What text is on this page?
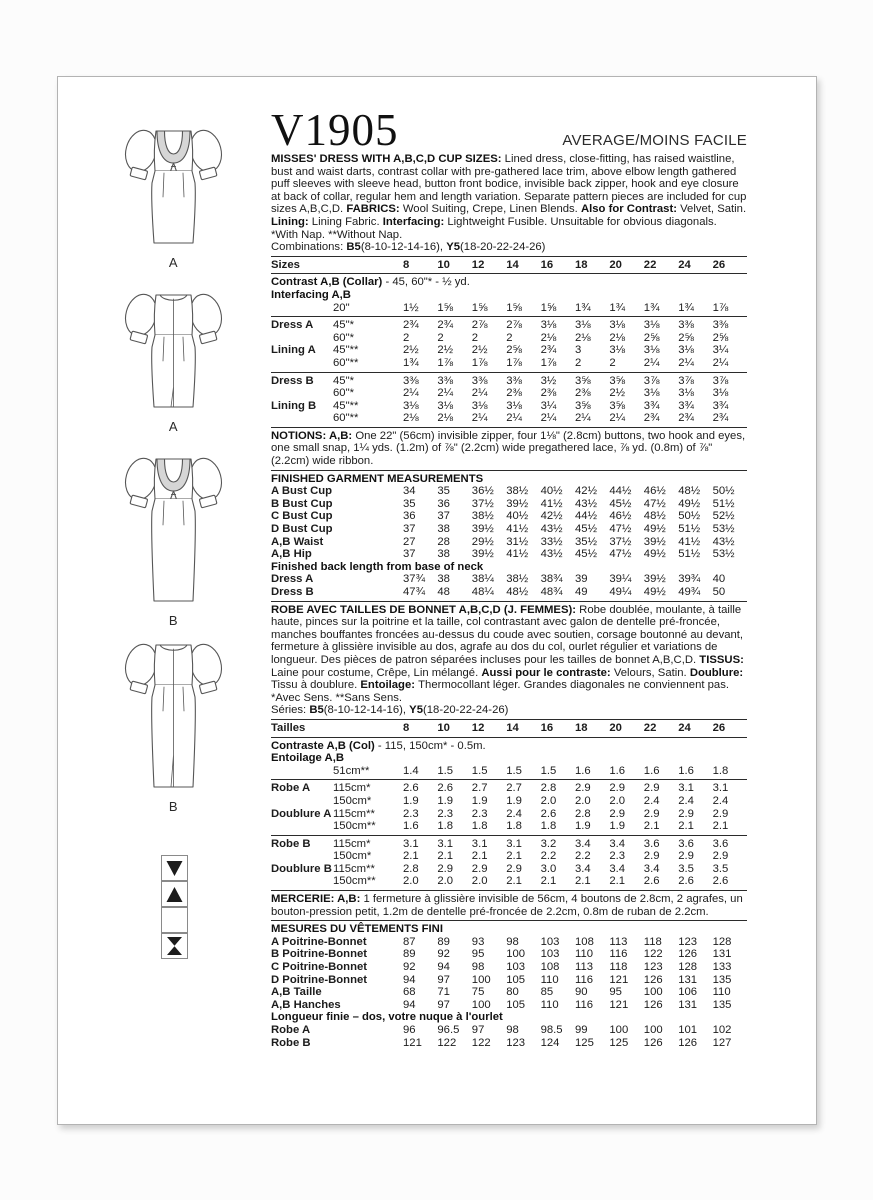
A
A
B
B
V1905	AVERAGE/MOINS FACILE

MISSES' DRESS WITH A,B,C,D CUP SIZES: Lined dress, close-fitting, has raised waistline, bust and waist darts, contrast collar with pre-gathered lace trim, above elbow length gathered puff sleeves with sleeve head, button front bodice, invisible back zipper, hook and eye closure at back of collar, regular hem and length variation. Separate pattern pieces are included for cup sizes A,B,C,D. FABRICS: Wool Suiting, Crepe, Linen Blends. Also for Contrast: Velvet, Satin. Lining: Lining Fabric. Interfacing: Lightweight Fusible. Unsuitable for obvious diagonals.
*With Nap. **Without Nap.

Combinations: B5(8-10-12-14-16), Y5(18-20-22-24-26)

Sizes	8	10	12	14	16	18	20	22	24	26
Contrast A,B (Collar) - 45, 60"* - ½ yd.
Interfacing A,B
20"	1½	1⅝	1⅝	1⅝	1⅝	1¾	1¾	1¾	1¾	1⅞
Dress A	45"*	2¾	2¾	2⅞	2⅞	3⅛	3⅛	3⅛	3⅛	3⅜	3⅜
60"*	2	2	2	2	2⅛	2⅛	2⅛	2⅝	2⅝	2⅝
Lining A	45"**	2½	2½	2½	2⅝	2¾	3	3⅛	3⅛	3⅛	3¼
60"**	1¾	1⅞	1⅞	1⅞	1⅞	2	2	2¼	2¼	2¼
Dress B	45"*	3⅜	3⅜	3⅜	3⅜	3½	3⅝	3⅝	3⅞	3⅞	3⅞
60"*	2¼	2¼	2¼	2⅜	2⅜	2⅜	2½	3⅛	3⅛	3⅛
Lining B	45"**	3⅛	3⅛	3⅛	3⅛	3¼	3⅝	3⅝	3¾	3¾	3¾
60"**	2⅛	2⅛	2¼	2¼	2¼	2¼	2¼	2¾	2¾	2¾

NOTIONS: A,B: One 22" (56cm) invisible zipper, four 1⅛" (2.8cm) buttons, two hook and eyes, one small snap, 1¼ yds. (1.2m) of ⅞" (2.2cm) wide pregathered lace, ⅞ yd. (0.8m) of ⅞" (2.2cm) wide ribbon.

FINISHED GARMENT MEASUREMENTS
A Bust Cup	34	35	36½	38½	40½	42½	44½	46½	48½	50½
B Bust Cup	35	36	37½	39½	41½	43½	45½	47½	49½	51½
C Bust Cup	36	37	38½	40½	42½	44½	46½	48½	50½	52½
D Bust Cup	37	38	39½	41½	43½	45½	47½	49½	51½	53½
A,B Waist	27	28	29½	31½	33½	35½	37½	39½	41½	43½
A,B Hip	37	38	39½	41½	43½	45½	47½	49½	51½	53½
Finished back length from base of neck
Dress A	37¾	38	38¼	38½	38¾	39	39¼	39½	39¾	40
Dress B	47¾	48	48¼	48½	48¾	49	49¼	49½	49¾	50

ROBE AVEC TAILLES DE BONNET A,B,C,D (J. FEMMES): Robe doublée, moulante, à taille haute, pinces sur la poitrine et la taille, col contrastant avec galon de dentelle pré-froncée, manches bouffantes froncées au-dessus du coude avec soutien, corsage boutonné au devant, fermeture à glissière invisible au dos, agrafe au dos du col, ourlet régulier et variations de longueur. Des pièces de patron séparées incluses pour les tailles de bonnet A,B,C,D. TISSUS: Laine pour costume, Crêpe, Lin mélangé. Aussi pour le contraste: Velours, Satin. Doublure: Tissu à doublure. Entoilage: Thermocollant léger. Grandes diagonales ne conviennent pas.
*Avec Sens. **Sans Sens.

Séries: B5(8-10-12-14-16), Y5(18-20-22-24-26)

Tailles	8	10	12	14	16	18	20	22	24	26
Contraste A,B (Col) - 115, 150cm* - 0.5m.
Entoilage A,B
51cm**	1.4	1.5	1.5	1.5	1.5	1.6	1.6	1.6	1.6	1.8
Robe A	115cm*	2.6	2.6	2.7	2.7	2.8	2.9	2.9	2.9	3.1	3.1
150cm*	1.9	1.9	1.9	1.9	2.0	2.0	2.0	2.4	2.4	2.4
Doublure A 115cm**	2.3	2.3	2.3	2.4	2.6	2.8	2.9	2.9	2.9	2.9
150cm**	1.6	1.8	1.8	1.8	1.8	1.9	1.9	2.1	2.1	2.1
Robe B	115cm*	3.1	3.1	3.1	3.1	3.2	3.4	3.4	3.6	3.6	3.6
150cm*	2.1	2.1	2.1	2.1	2.2	2.2	2.3	2.9	2.9	2.9
Doublure B 115cm**	2.8	2.9	2.9	2.9	3.0	3.4	3.4	3.4	3.5	3.5
150cm**	2.0	2.0	2.0	2.1	2.1	2.1	2.1	2.6	2.6	2.6

MERCERIE: A,B: 1 fermeture à glissière invisible de 56cm, 4 boutons de 2.8cm, 2 agrafes, un bouton-pression petit, 1.2m de dentelle pré-froncée de 2.2cm, 0.8m de ruban de 2.2cm.

MESURES DU VÊTEMENTS FINI
A Poitrine-Bonnet	87	89	93	98	103	108	113	118	123	128
B Poitrine-Bonnet	89	92	95	100	103	110	116	122	126	131
C Poitrine-Bonnet	92	94	98	103	108	113	118	123	128	133
D Poitrine-Bonnet	94	97	100	105	110	116	121	126	131	135
A,B Taille	68	71	75	80	85	90	95	100	106	110
A,B Hanches	94	97	100	105	110	116	121	126	131	135
Longueur finie – dos, votre nuque à l'ourlet
Robe A	96	96.5	97	98	98.5	99	100	100	101	102
Robe B	121	122	122	123	124	125	125	126	126	127
